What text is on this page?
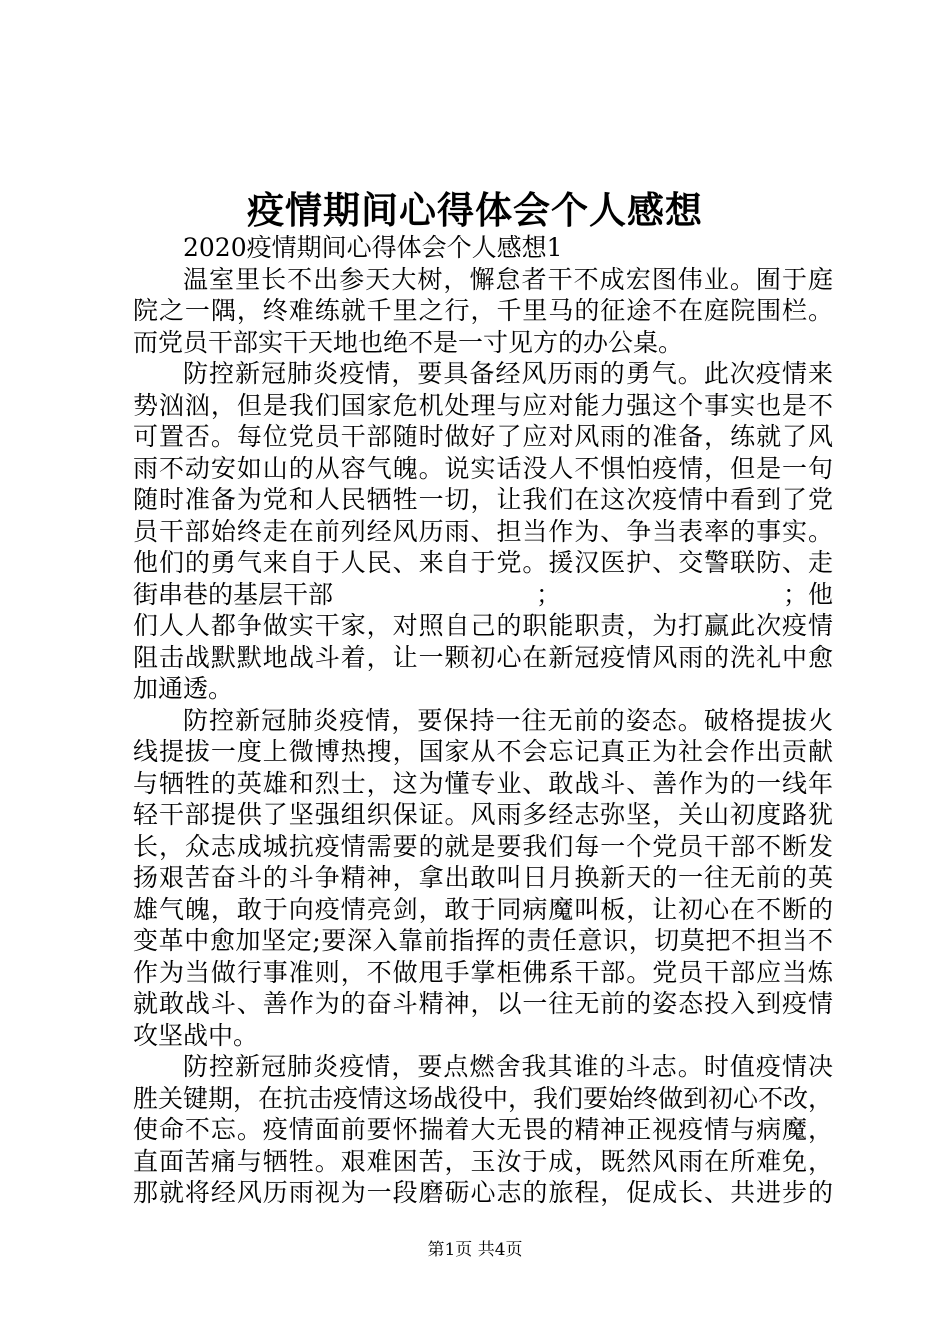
疫情期间心得体会个人感想
2020疫情期间心得体会个人感想1
温室里长不出参天大树，懈怠者干不成宏图伟业。囿于庭
院之一隅，终难练就千里之行，千里马的征途不在庭院围栏。
而党员干部实干天地也绝不是一寸见方的办公桌。
防控新冠肺炎疫情，要具备经风历雨的勇气。此次疫情来
势汹汹，但是我们国家危机处理与应对能力强这个事实也是不
可置否。每位党员干部随时做好了应对风雨的准备，练就了风
雨不动安如山的从容气魄。说实话没人不惧怕疫情，但是一句
随时准备为党和人民牺牲一切，让我们在这次疫情中看到了党
员干部始终走在前列经风历雨、担当作为、争当表率的事实。
他们的勇气来自于人民、来自于党。援汉医护、交警联防、走
街串巷的基层干部	；	；他
们人人都争做实干家，对照自己的职能职责，为打赢此次疫情
阻击战默默地战斗着，让一颗初心在新冠疫情风雨的洗礼中愈
加通透。
防控新冠肺炎疫情，要保持一往无前的姿态。破格提拔火
线提拔一度上微博热搜，国家从不会忘记真正为社会作出贡献
与牺牲的英雄和烈士，这为懂专业、敢战斗、善作为的一线年
轻干部提供了坚强组织保证。风雨多经志弥坚，关山初度路犹
长，众志成城抗疫情需要的就是要我们每一个党员干部不断发
扬艰苦奋斗的斗争精神，拿出敢叫日月换新天的一往无前的英
雄气魄，敢于向疫情亮剑，敢于同病魔叫板，让初心在不断的
变革中愈加坚定;要深入靠前指挥的责任意识，切莫把不担当不
作为当做行事准则，不做甩手掌柜佛系干部。党员干部应当炼
就敢战斗、善作为的奋斗精神，以一往无前的姿态投入到疫情
攻坚战中。
防控新冠肺炎疫情，要点燃舍我其谁的斗志。时值疫情决
胜关键期，在抗击疫情这场战役中，我们要始终做到初心不改，
使命不忘。疫情面前要怀揣着大无畏的精神正视疫情与病魔，
直面苦痛与牺牲。艰难困苦，玉汝于成，既然风雨在所难免，
那就将经风历雨视为一段磨砺心志的旅程，促成长、共进步的
第1页 共4页
